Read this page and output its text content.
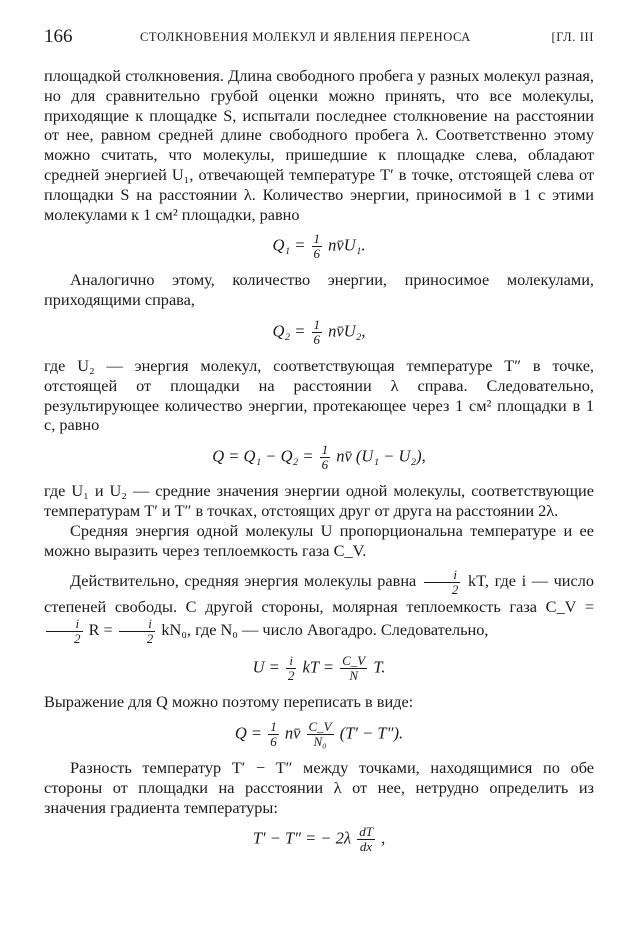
166	СТОЛКНОВЕНИЯ МОЛЕКУЛ И ЯВЛЕНИЯ ПЕРЕНОСА	[ГЛ. III

площадкой столкновения. Длина свободного пробега у разных молекул разная, но для сравнительно грубой оценки можно принять, что все молекулы, приходящие к площадке S, испытали последнее столкновение на расстоянии от нее, равном средней длине свободного пробега λ. Соответственно этому можно считать, что молекулы, пришедшие к площадке слева, обладают средней энергией U₁, отвечающей температуре T′ в точке, отстоящей слева от площадки S на расстоянии λ. Количество энергии, приносимой в 1 с этими молекулами к 1 см² площадки, равно

$Q_1 = \frac{1}{6}$ nv̄U₁.

Аналогично этому, количество энергии, приносимое молекулами, приходящими справа,

$Q_2 = \frac{1}{6}$ nv̄U₂,

где U₂ — энергия молекул, соответствующая температуре T″ в точке, отстоящей от площадки на расстоянии λ справа. Следовательно, результирующее количество энергии, протекающее через 1 см² площадки в 1 с, равно

$Q = Q_1 - Q_2 = \frac{1}{6}$ nv̄ (U₁ − U₂),

где U₁ и U₂ — средние значения энергии одной молекулы, соответствующие температурам T′ и T″ в точках, отстоящих друг от друга на расстоянии 2λ.

Средняя энергия одной молекулы U пропорциональна температуре и ее можно выразить через теплоемкость газа C_V.

Действительно, средняя энергия молекулы равна $\frac{i}{2}$ kT, где i — число степеней свободы. С другой стороны, молярная теплоемкость газа C_V =
$\frac{i}{2}$ $R = \frac{i}{2} kN_0$, где N₀ — число Авогадро. Следовательно,

$U = \frac{i}{2}$ kT = $\frac{C\_V}{N} T$.

Выражение для Q можно поэтому переписать в виде:

$Q = \frac{1}{6}$ nv̄ $\frac{C\_V}{\text{N₀}} (T' - T'')$.

Разность температур T′ − T″ между точками, находящимися по обе стороны от площадки на расстоянии λ от нее, нетрудно определить из значения градиента температуры:

T′ − T″ = − $2\lambda \frac{dT}{dx}$ ,
